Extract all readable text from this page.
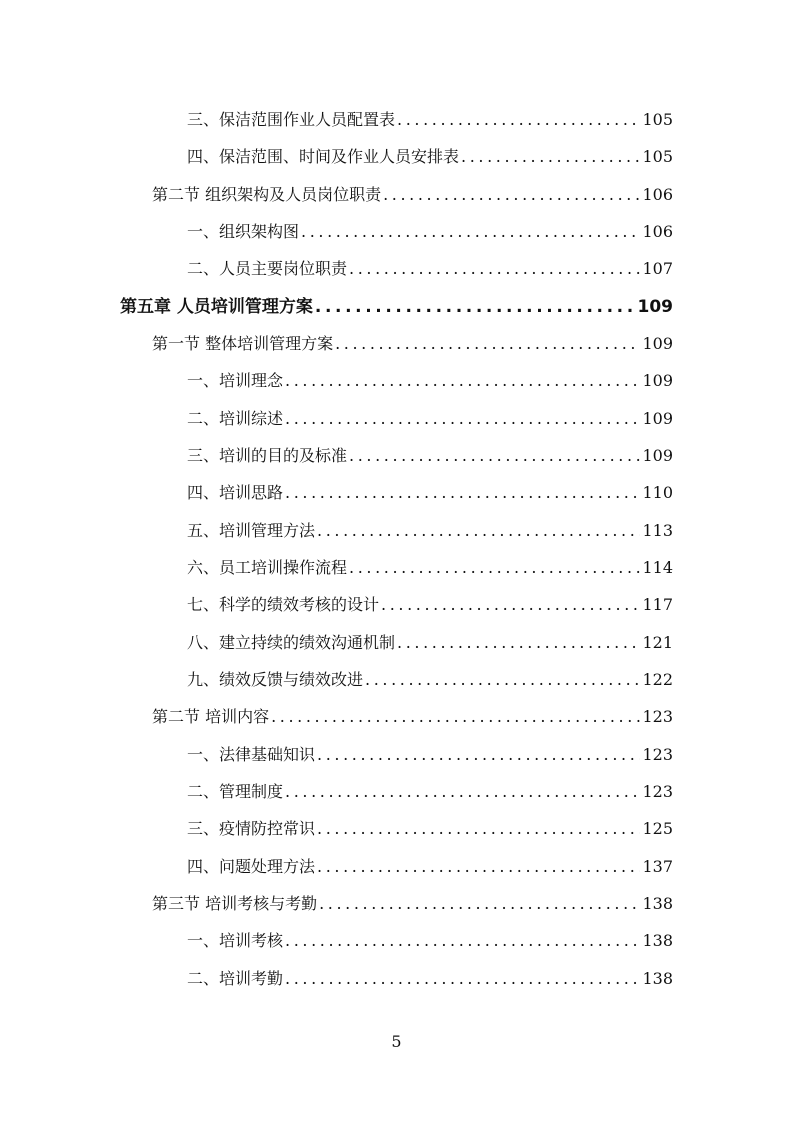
三、保洁范围作业人员配置表 .....	105
四、保洁范围、时间及作业人员安排表 .....	105
第二节 组织架构及人员岗位职责 .....	106
一、组织架构图 .....	106
二、人员主要岗位职责 .....	107
第五章 人员培训管理方案 .....	109
第一节 整体培训管理方案 .....	109
一、培训理念 .....	109
二、培训综述 .....	109
三、培训的目的及标准 .....	109
四、培训思路 .....	110
五、培训管理方法 .....	113
六、员工培训操作流程 .....	114
七、科学的绩效考核的设计 .....	117
八、建立持续的绩效沟通机制 .....	121
九、绩效反馈与绩效改进 .....	122
第二节 培训内容 .....	123
一、法律基础知识 .....	123
二、管理制度 .....	123
三、疫情防控常识 .....	125
四、问题处理方法 .....	137
第三节 培训考核与考勤 .....	138
一、培训考核 .....	138
二、培训考勤 .....	138
5
